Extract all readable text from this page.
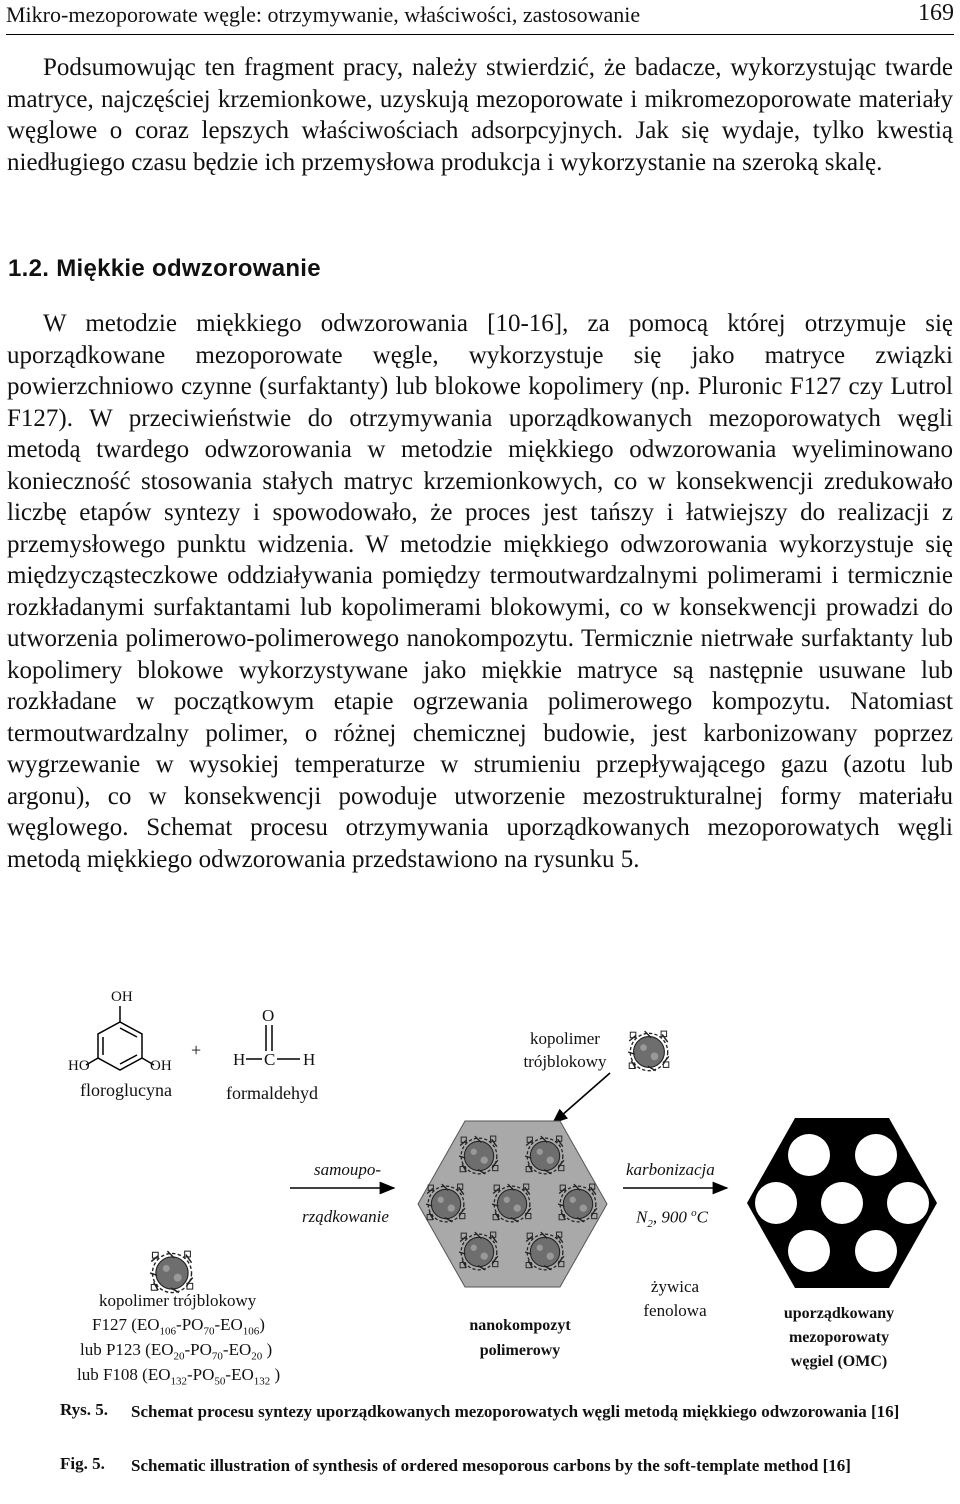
Mikro-mezoporowate węgle: otrzymywanie, właściwości, zastosowanie	169

Podsumowując ten fragment pracy, należy stwierdzić, że badacze, wykorzystując twarde matryce, najczęściej krzemionkowe, uzyskują mezoporowate i mikromezoporowate materiały węglowe o coraz lepszych właściwościach adsorpcyjnych. Jak się wydaje, tylko kwestią niedługiego czasu będzie ich przemysłowa produkcja i wykorzystanie na szeroką skalę.

1.2. Miękkie odwzorowanie

W metodzie miękkiego odwzorowania [10-16], za pomocą której otrzymuje się uporządkowane mezoporowate węgle, wykorzystuje się jako matryce związki powierzchniowo czynne (surfaktanty) lub blokowe kopolimery (np. Pluronic F127 czy Lutrol F127). W przeciwieństwie do otrzymywania uporządkowanych mezoporowatych węgli metodą twardego odwzorowania w metodzie miękkiego odwzorowania wyeliminowano konieczność stosowania stałych matryc krzemionkowych, co w konsekwencji zredukowało liczbę etapów syntezy i spowodowało, że proces jest tańszy i łatwiejszy do realizacji z przemysłowego punktu widzenia. W metodzie miękkiego odwzorowania wykorzystuje się międzycząsteczkowe oddziaływania pomiędzy termoutwardzalnymi polimerami i termicznie rozkładanymi surfaktantami lub kopolimerami blokowymi, co w konsekwencji prowadzi do utworzenia polimerowo-polimerowego nanokompozytu. Termicznie nietrwałe surfaktanty lub kopolimery blokowe wykorzystywane jako miękkie matryce są następnie usuwane lub rozkładane w początkowym etapie ogrzewania polimerowego kompozytu. Natomiast termoutwardzalny polimer, o różnej chemicznej budowie, jest karbonizowany poprzez wygrzewanie w wysokiej temperaturze w strumieniu przepływającego gazu (azotu lub argonu), co w konsekwencji powoduje utworzenie mezostrukturalnej formy materiału węglowego. Schemat procesu otrzymywania uporządkowanych mezoporowatych węgli metodą miękkiego odwzorowania przedstawiono na rysunku 5.

OH
HO	OH
floroglucyna
+
O
H C H
formaldehyd
kopolimer
trójblokowy
samoupo-
rządkowanie
karbonizacja
$N_2$, 900 $^o$C
kopolimer trójblokowy
F127 $(EO_{106}-PO_{70}-EO_{106})$
lub P123 ($EO_{20}-PO_{70}-EO_{20}$ )
lub F108 ($EO_{132}-PO_{50}-EO_{132}$ )
nanokompozyt
polimerowy
żywica
fenolowa	uporządkowany
mezoporowaty
węgiel (OMC)
Rys. 5. Schemat procesu syntezy uporządkowanych mezoporowatych węgli metodą miękkiego odwzorowania [16]
Fig. 5. Schematic illustration of synthesis of ordered mesoporous carbons by the soft-template method [16]
